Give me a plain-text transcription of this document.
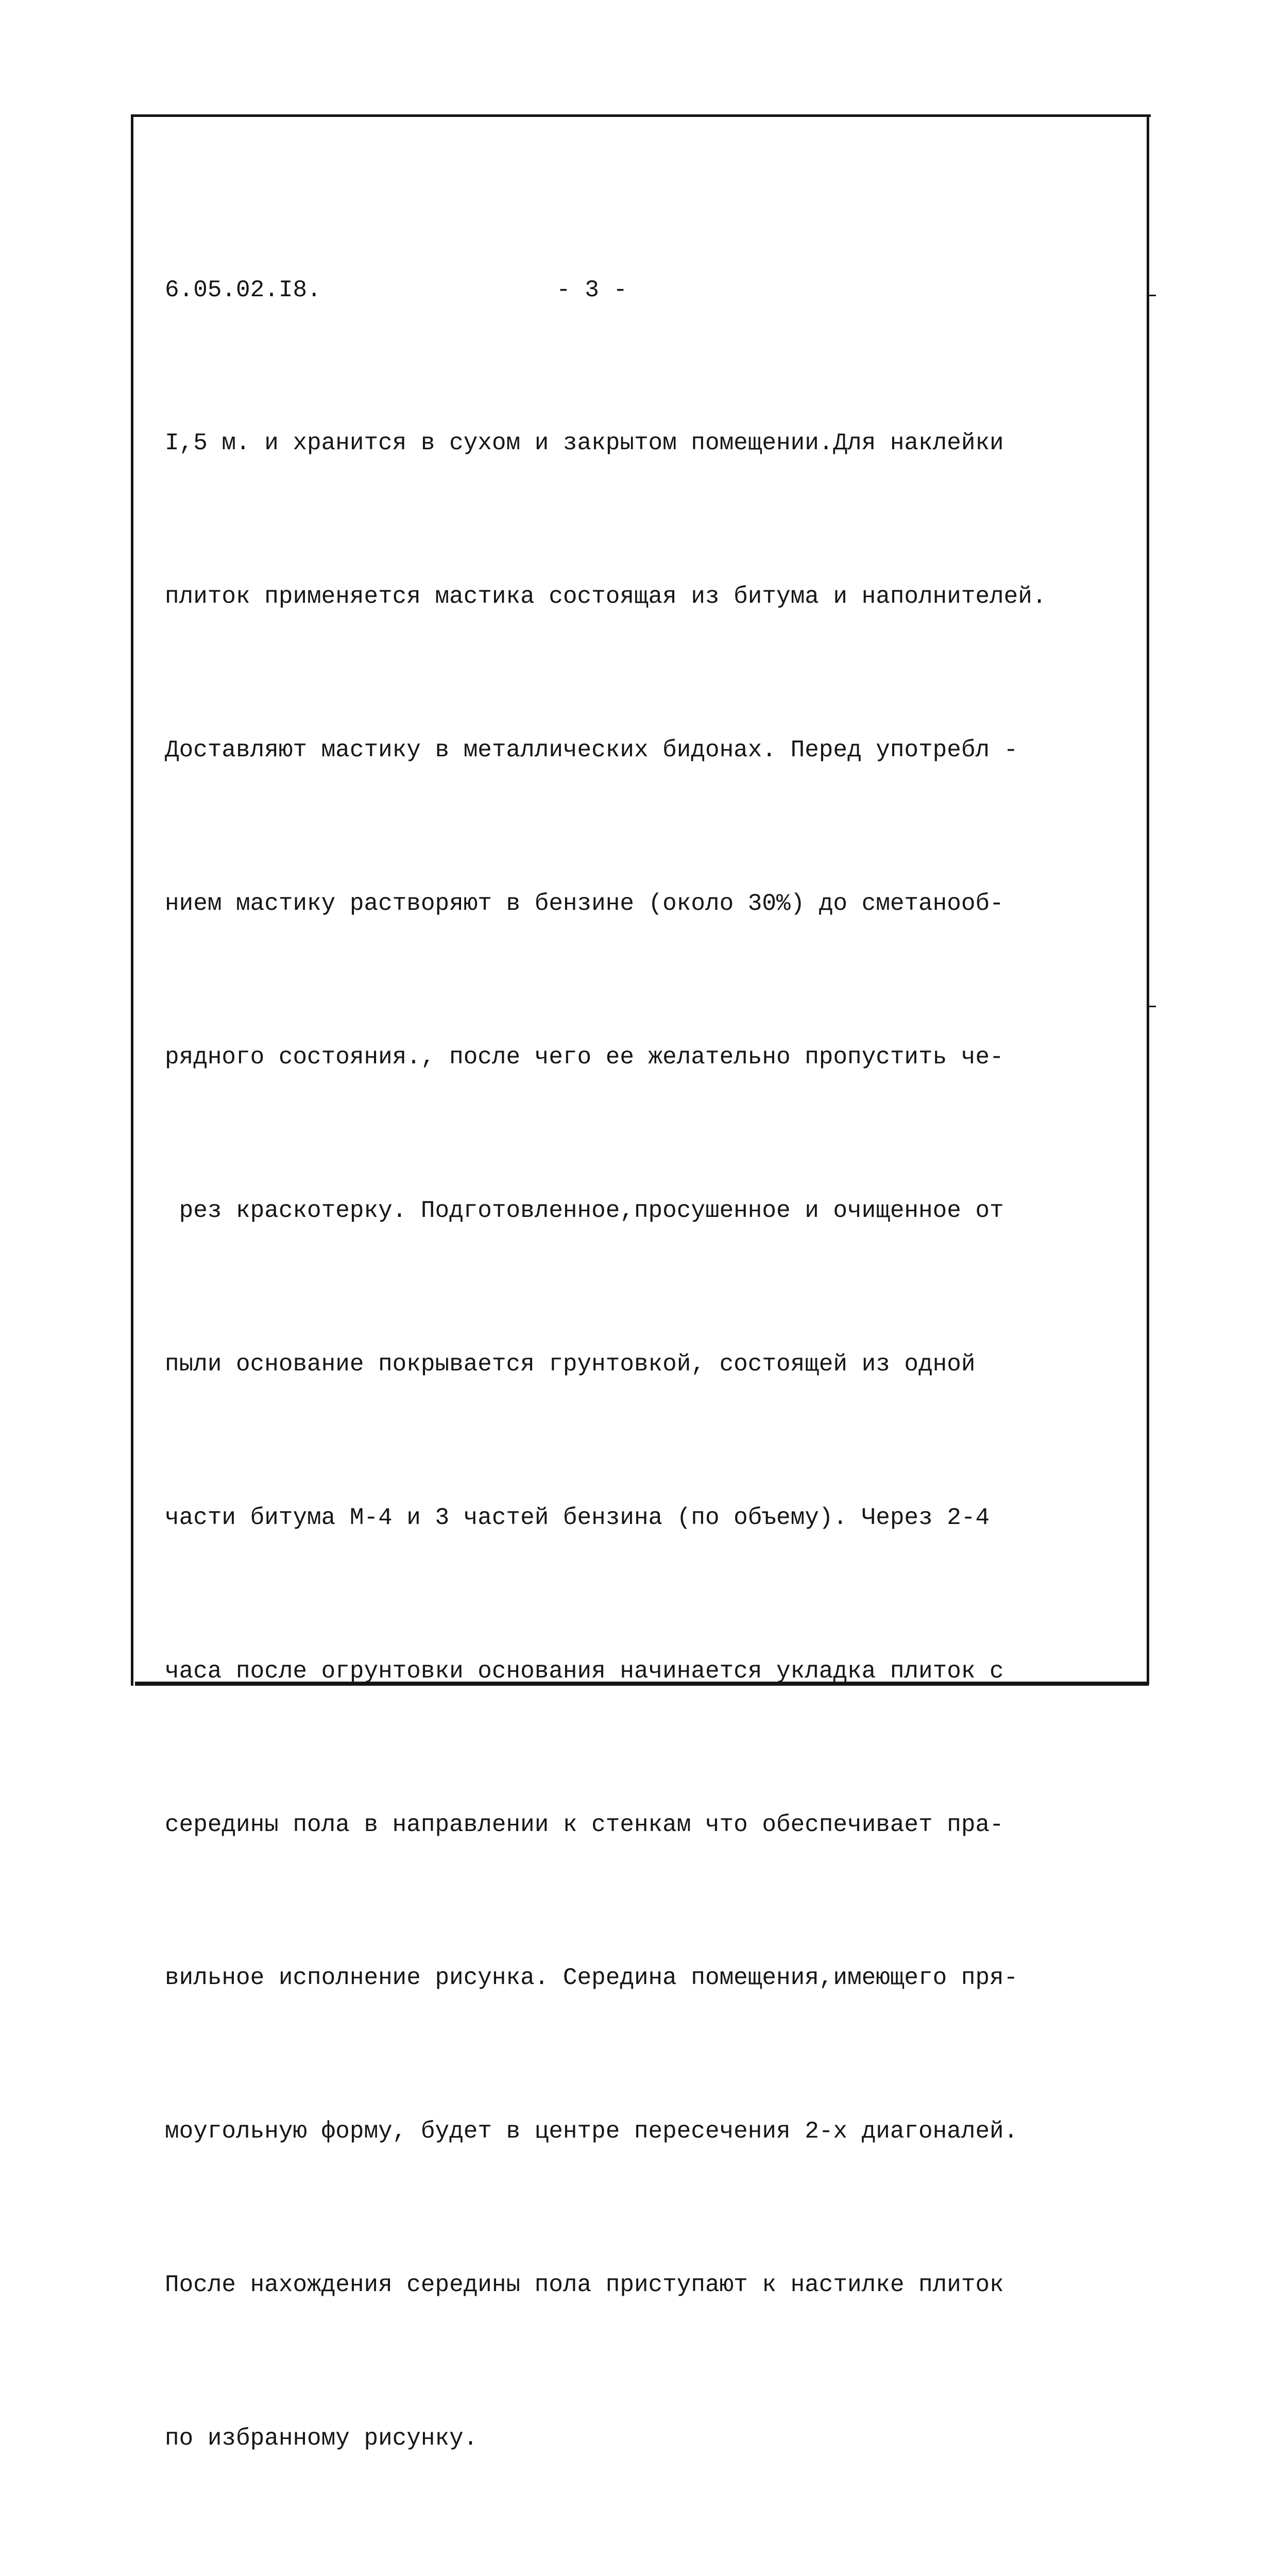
6.05.02.I8.	- 3 -

I,5 м. и хранится в сухом и закрытом помещении.Для наклейки

плиток применяется мастика состоящая из битума и наполнителей.

Доставляют мастику в металлических бидонах. Перед употребл -

нием мастику растворяют в бензине (около 30%) до сметанооб-

рядного состояния., после чего ее желательно пропустить че-

рез краскотерку. Подготовленное,просушенное и очищенное от

пыли основание покрывается грунтовкой, состоящей из одной

части битума М-4 и 3 частей бензина (по объему). Через 2-4

часа после огрунтовки основания начинается укладка плиток с

середины пола в направлении к стенкам что обеспечивает пра-

вильное исполнение рисунка. Середина помещения,имеющего пря-

моугольную форму, будет в центре пересечения 2-х диагоналей.

После нахождения середины пола приступают к настилке плиток

по избранному рисунку.
